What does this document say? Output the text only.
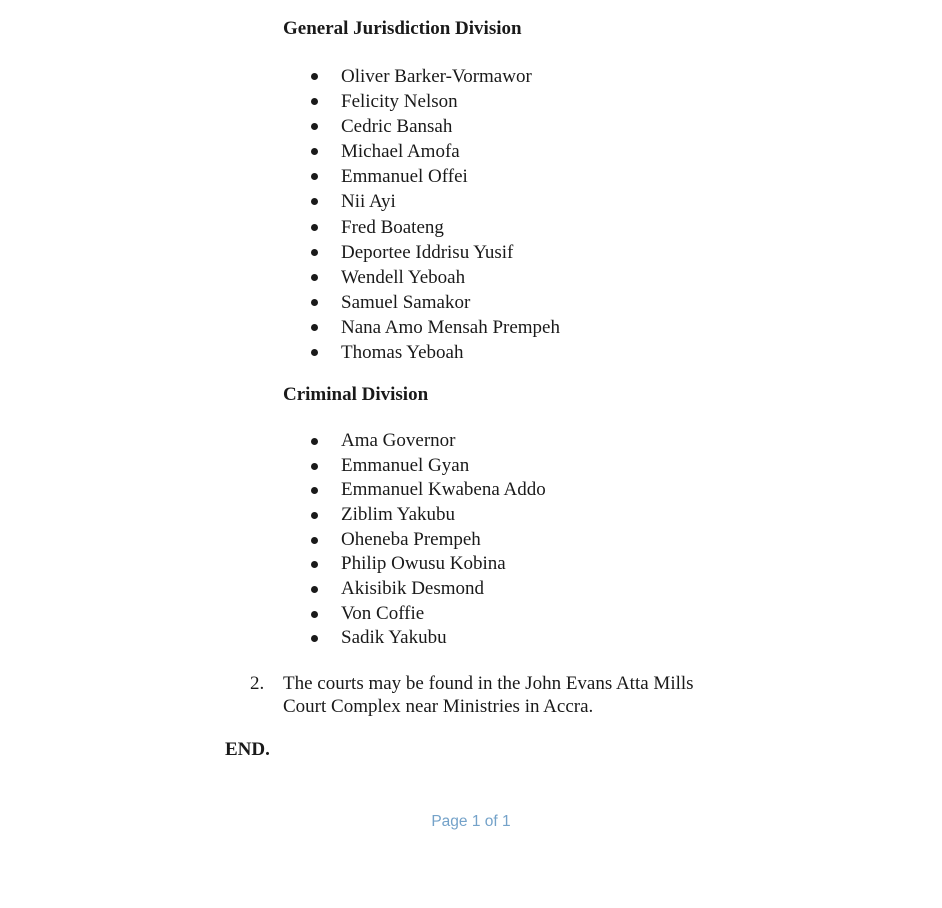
General Jurisdiction Division
Oliver Barker-Vormawor
Felicity Nelson
Cedric Bansah
Michael Amofa
Emmanuel Offei
Nii Ayi
Fred Boateng
Deportee Iddrisu Yusif
Wendell Yeboah
Samuel Samakor
Nana Amo Mensah Prempeh
Thomas Yeboah
Criminal Division
Ama Governor
Emmanuel Gyan
Emmanuel Kwabena Addo
Ziblim Yakubu
Oheneba Prempeh
Philip Owusu Kobina
Akisibik Desmond
Von Coffie
Sadik Yakubu
2. The courts may be found in the John Evans Atta Mills
Court Complex near Ministries in Accra.
END.
Page 1 of 1
